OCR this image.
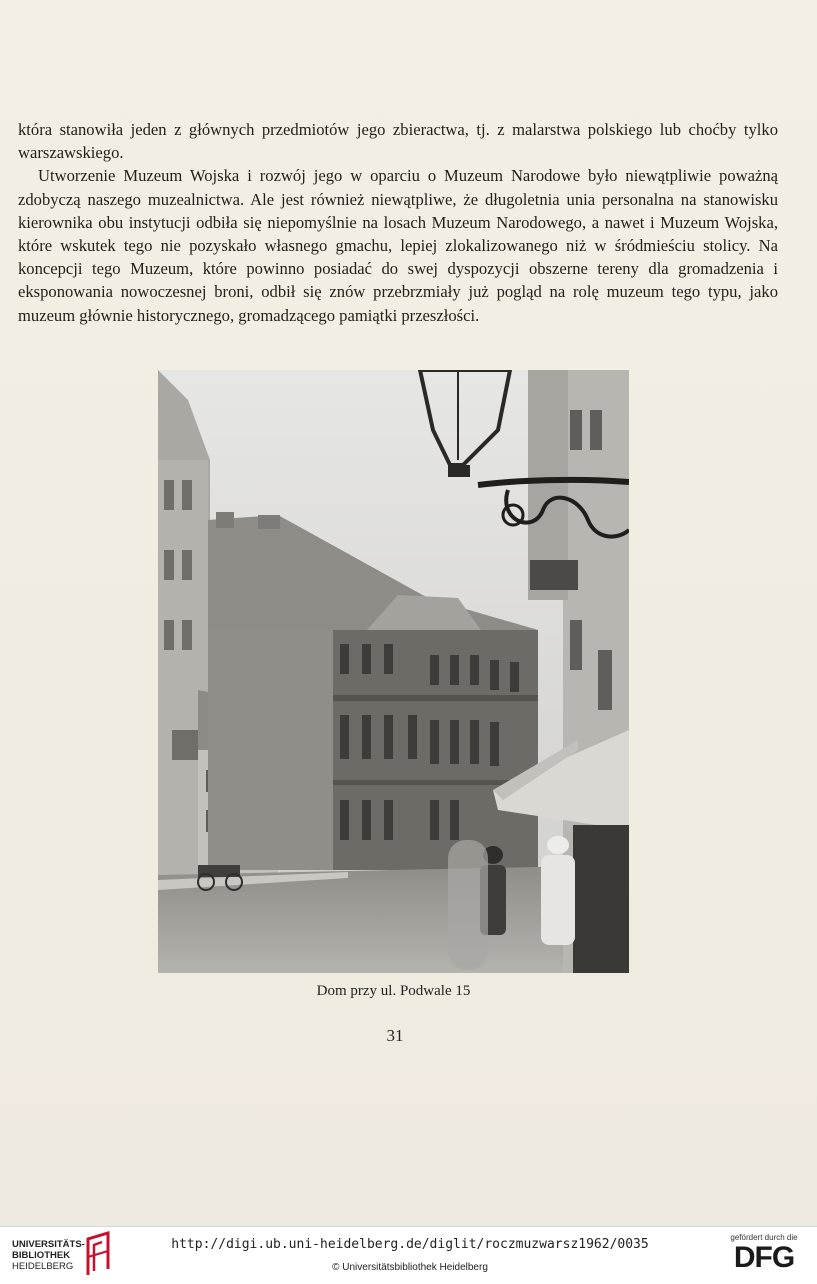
która stanowiła jeden z głównych przedmiotów jego zbieractwa, tj. z malarstwa polskiego lub choćby tylko warszawskiego.

Utworzenie Muzeum Wojska i rozwój jego w oparciu o Muzeum Narodowe było niewątpliwie poważną zdobyczą naszego muzealnictwa. Ale jest również niewątpliwe, że długoletnia unia personalna na stanowisku kierownika obu instytucji odbiła się niepomyślnie na losach Muzeum Narodowego, a nawet i Muzeum Wojska, które wskutek tego nie pozyskało własnego gmachu, lepiej zlokalizowanego niż w śródmieściu stolicy. Na koncepcji tego Muzeum, które powinno posiadać do swej dyspozycji obszerne tereny dla gromadzenia i eksponowania nowoczesnej broni, odbił się znów przebrzmiały już pogląd na rolę muzeum tego typu, jako muzeum głównie historycznego, gromadzącego pamiątki przeszłości.

Dom przy ul. Podwale 15
31
UNIVERSITÄTS-
BIBLIOTHEK
HEIDELBERG
http://digi.ub.uni-heidelberg.de/diglit/roczmuzwarsz1962/0035
© Universitätsbibliothek Heidelberg
gefördert durch die
DFG
